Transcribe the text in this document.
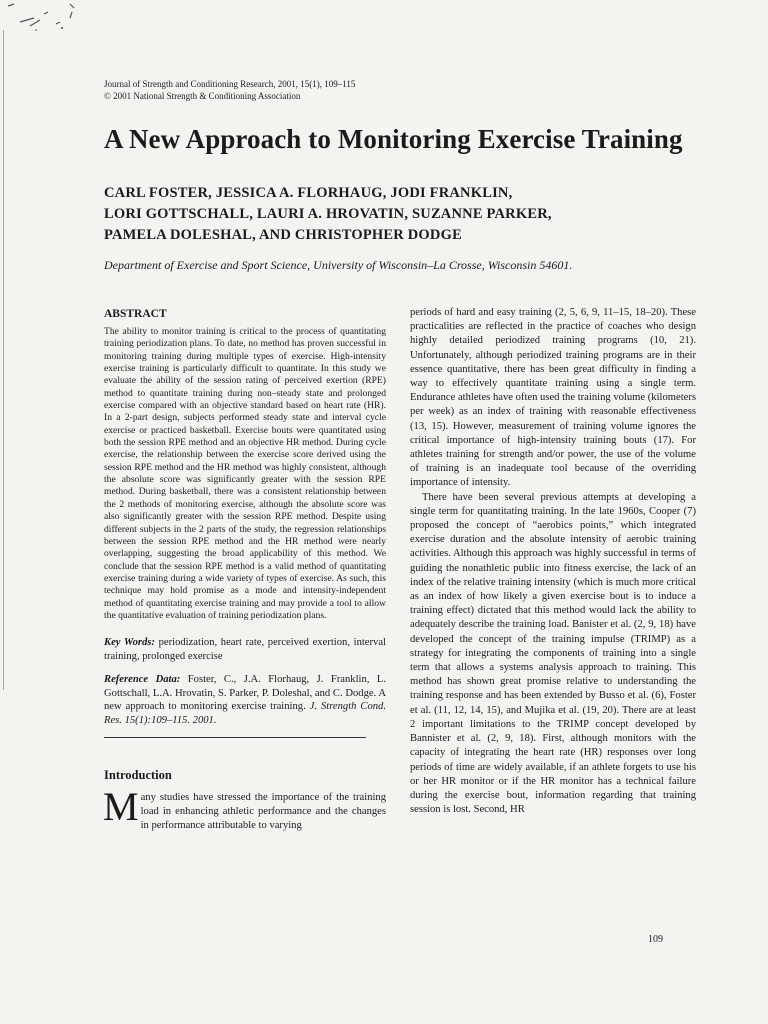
Journal of Strength and Conditioning Research, 2001, 15(1), 109–115
© 2001 National Strength & Conditioning Association
A New Approach to Monitoring Exercise Training
CARL FOSTER, JESSICA A. FLORHAUG, JODI FRANKLIN,
LORI GOTTSCHALL, LAURI A. HROVATIN, SUZANNE PARKER,
PAMELA DOLESHAL, AND CHRISTOPHER DODGE
Department of Exercise and Sport Science, University of Wisconsin–La Crosse, Wisconsin 54601.
ABSTRACT

The ability to monitor training is critical to the process of quantitating training periodization plans. To date, no method has proven successful in monitoring training during multiple types of exercise. High-intensity exercise training is particularly difficult to quantitate. In this study we evaluate the ability of the session rating of perceived exertion (RPE) method to quantitate training during non–steady state and prolonged exercise compared with an objective standard based on heart rate (HR). In a 2-part design, subjects performed steady state and interval cycle exercise or practiced basketball. Exercise bouts were quantitated using both the session RPE method and an objective HR method. During cycle exercise, the relationship between the exercise score derived using the session RPE method and the HR method was highly consistent, although the absolute score was significantly greater with the session RPE method. During basketball, there was a consistent relationship between the 2 methods of monitoring exercise, although the absolute score was also significantly greater with the session RPE method. Despite using different subjects in the 2 parts of the study, the regression relationships between the session RPE method and the HR method were nearly overlapping, suggesting the broad applicability of this method. We conclude that the session RPE method is a valid method of quantitating exercise training during a wide variety of types of exercise. As such, this technique may hold promise as a mode and intensity-independent method of quantitating exercise training and may provide a tool to allow the quantitative evaluation of training periodization plans.

Key Words: periodization, heart rate, perceived exertion, interval training, prolonged exercise

Reference Data: Foster, C., J.A. Florhaug, J. Franklin, L. Gottschall, L.A. Hrovatin, S. Parker, P. Doleshal, and C. Dodge. A new approach to monitoring exercise training. J. Strength Cond. Res. 15(1):109–115. 2001.

Introduction

Many studies have stressed the importance of the training load in enhancing athletic performance and the changes in performance attributable to varying

periods of hard and easy training (2, 5, 6, 9, 11–15, 18–20). These practicalities are reflected in the practice of coaches who design highly detailed periodized training programs (10, 21). Unfortunately, although periodized training programs are in their essence quantitative, there has been great difficulty in finding a way to effectively quantitate training using a single term. Endurance athletes have often used the training volume (kilometers per week) as an index of training with reasonable effectiveness (13, 15). However, measurement of training volume ignores the critical importance of high-intensity training bouts (17). For athletes training for strength and/or power, the use of the volume of training is an inadequate tool because of the overriding importance of intensity.

There have been several previous attempts at developing a single term for quantitating training. In the late 1960s, Cooper (7) proposed the concept of “aerobics points,” which integrated exercise duration and the absolute intensity of aerobic training activities. Although this approach was highly successful in terms of guiding the nonathletic public into fitness exercise, the lack of an index of the relative training intensity (which is much more critical as an index of how likely a given exercise bout is to induce a training effect) dictated that this method would lack the ability to adequately describe the training load. Banister et al. (2, 9, 18) have developed the concept of the training impulse (TRIMP) as a strategy for integrating the components of training into a single term that allows a systems analysis approach to training. This method has shown great promise relative to understanding the training response and has been extended by Busso et al. (6), Foster et al. (11, 12, 14, 15), and Mujika et al. (19, 20). There are at least 2 important limitations to the TRIMP concept developed by Bannister et al. (2, 9, 18). First, although monitors with the capacity of integrating the heart rate (HR) responses over long periods of time are widely available, if an athlete forgets to use his or her HR monitor or if the HR monitor has a technical failure during the exercise bout, information regarding that training session is lost. Second, HR

109
